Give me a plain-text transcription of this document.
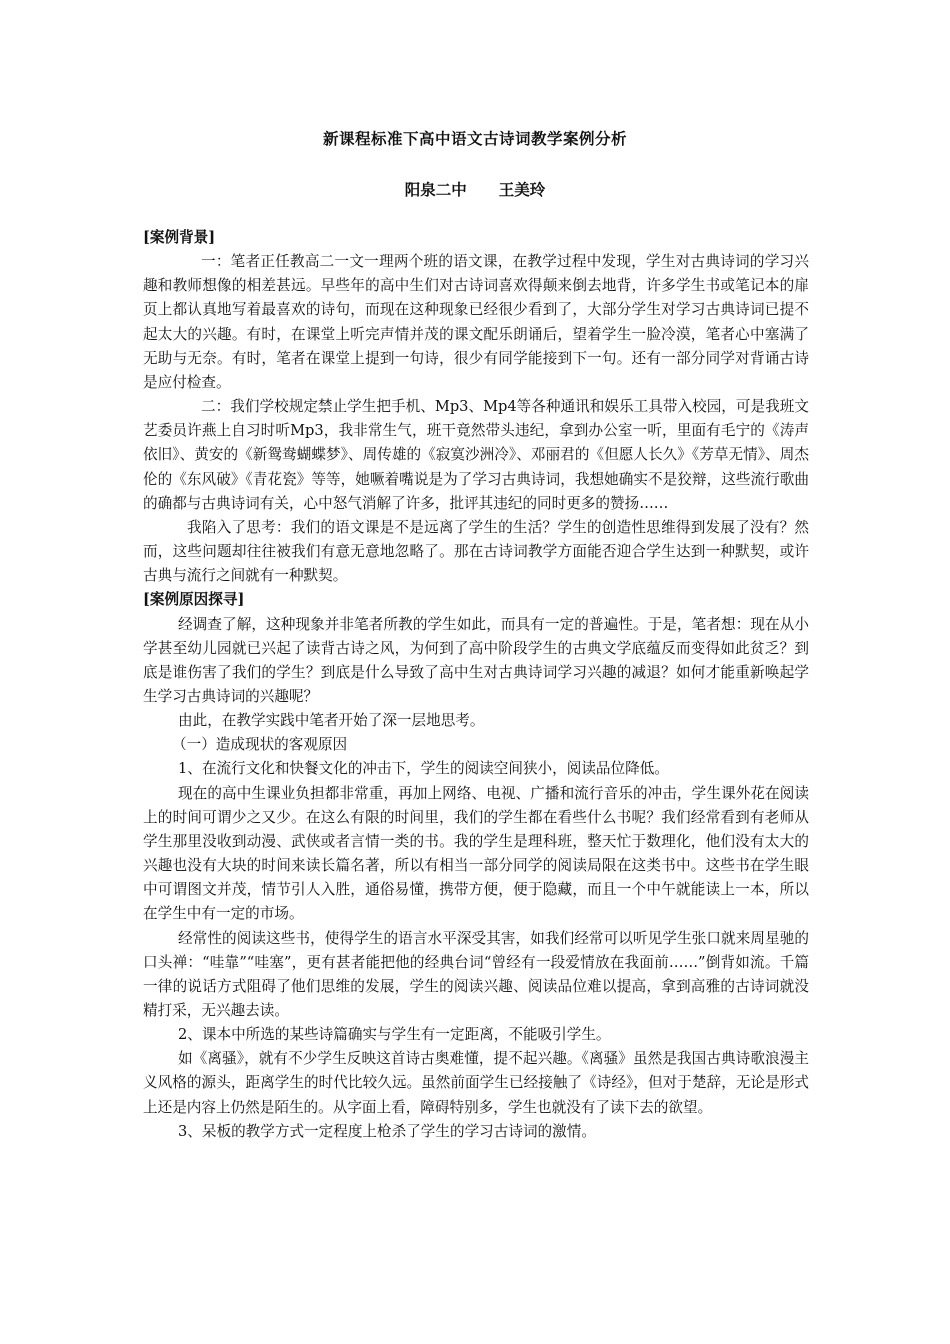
新课程标准下高中语文古诗词教学案例分析
阳泉二中 王美玲

[案例背景]

一：笔者正任教高二一文一理两个班的语文课，在教学过程中发现，学生对古典诗词的学习兴趣和教师想像的相差甚远。早些年的高中生们对古诗词喜欢得颠来倒去地背，许多学生书或笔记本的扉页上都认真地写着最喜欢的诗句，而现在这种现象已经很少看到了，大部分学生对学习古典诗词已提不起太大的兴趣。有时，在课堂上听完声情并茂的课文配乐朗诵后，望着学生一脸冷漠，笔者心中塞满了无助与无奈。有时，笔者在课堂上提到一句诗，很少有同学能接到下一句。还有一部分同学对背诵古诗是应付检查。

二：我们学校规定禁止学生把手机、Mp3、Mp4等各种通讯和娱乐工具带入校园，可是我班文艺委员许燕上自习时听Mp3，我非常生气，班干竟然带头违纪，拿到办公室一听，里面有毛宁的《涛声依旧》、黄安的《新鸳鸯蝴蝶梦》、周传雄的《寂寞沙洲冷》、邓丽君的《但愿人长久》《芳草无情》、周杰伦的《东风破》《青花瓷》等等，她噘着嘴说是为了学习古典诗词，我想她确实不是狡辩，这些流行歌曲的确都与古典诗词有关，心中怒气消解了许多，批评其违纪的同时更多的赞扬……

我陷入了思考：我们的语文课是不是远离了学生的生活？学生的创造性思维得到发展了没有？然而，这些问题却往往被我们有意无意地忽略了。那在古诗词教学方面能否迎合学生达到一种默契，或许古典与流行之间就有一种默契。

[案例原因探寻]

经调查了解，这种现象并非笔者所教的学生如此，而具有一定的普遍性。于是，笔者想：现在从小学甚至幼儿园就已兴起了读背古诗之风，为何到了高中阶段学生的古典文学底蕴反而变得如此贫乏？到底是谁伤害了我们的学生？到底是什么导致了高中生对古典诗词学习兴趣的减退？如何才能重新唤起学生学习古典诗词的兴趣呢？

由此，在教学实践中笔者开始了深一层地思考。

（一）造成现状的客观原因

1、在流行文化和快餐文化的冲击下，学生的阅读空间狭小，阅读品位降低。

现在的高中生课业负担都非常重，再加上网络、电视、广播和流行音乐的冲击，学生课外花在阅读上的时间可谓少之又少。在这么有限的时间里，我们的学生都在看些什么书呢？我们经常看到有老师从学生那里没收到动漫、武侠或者言情一类的书。我的学生是理科班，整天忙于数理化，他们没有太大的兴趣也没有大块的时间来读长篇名著，所以有相当一部分同学的阅读局限在这类书中。这些书在学生眼中可谓图文并茂，情节引人入胜，通俗易懂，携带方便，便于隐藏，而且一个中午就能读上一本，所以在学生中有一定的市场。

经常性的阅读这些书，使得学生的语言水平深受其害，如我们经常可以听见学生张口就来周星驰的口头禅：“哇靠”“哇塞”，更有甚者能把他的经典台词“曾经有一段爱情放在我面前……”倒背如流。千篇一律的说话方式阻碍了他们思维的发展，学生的阅读兴趣、阅读品位难以提高，拿到高雅的古诗词就没精打采，无兴趣去读。

2、课本中所选的某些诗篇确实与学生有一定距离，不能吸引学生。

如《离骚》，就有不少学生反映这首诗古奥难懂，提不起兴趣。《离骚》虽然是我国古典诗歌浪漫主义风格的源头，距离学生的时代比较久远。虽然前面学生已经接触了《诗经》，但对于楚辞，无论是形式上还是内容上仍然是陌生的。从字面上看，障碍特别多，学生也就没有了读下去的欲望。

3、呆板的教学方式一定程度上枪杀了学生的学习古诗词的激情。
